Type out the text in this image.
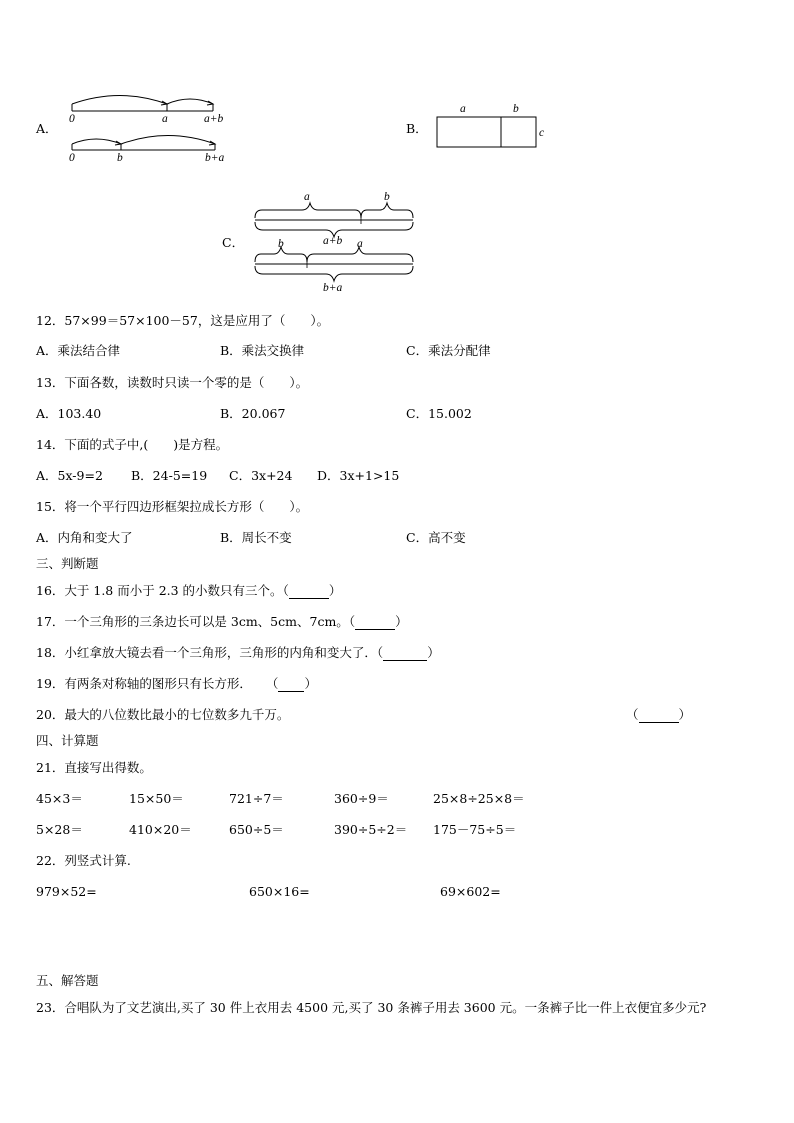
A．
0	a	a+b
0	b	b+a
B．
a	b
c
C．
a	b
a+b
b	a
b+a
12．57×99＝57×100－57，这是应用了（　　）。
A．乘法结合律	B．乘法交换律	C．乘法分配律
13．下面各数，读数时只读一个零的是（　　）。
A．103.40	B．20.067	C．15.002
14．下面的式子中,(　　)是方程。
A．5x-9=2 B．24-5=19 C．3x+24 D．3x+1>15
15．将一个平行四边形框架拉成长方形（　　）。
A．内角和变大了	B．周长不变	C．高不变
三、判断题
16．大于 1.8 而小于 2.3 的小数只有三个。（	）
17．一个三角形的三条边长可以是 3cm、5cm、7cm。（	）
18．小红拿放大镜去看一个三角形，三角形的内角和变大了．（	）
19．有两条对称轴的图形只有长方形． （ ）
20．最大的八位数比最小的七位数多九千万。	（	）
四、计算题
21．直接写出得数。
45×3＝	15×50＝	721÷7＝	360÷9＝	25×8÷25×8＝
5×28＝	410×20＝	650÷5＝	390÷5÷2＝ 175－75÷5＝
22．列竖式计算.
979×52=	650×16=	69×602=
五、解答题
23．合唱队为了文艺演出,买了 30 件上衣用去 4500 元,买了 30 条裤子用去 3600 元。一条裤子比一件上衣便宜多少元?
